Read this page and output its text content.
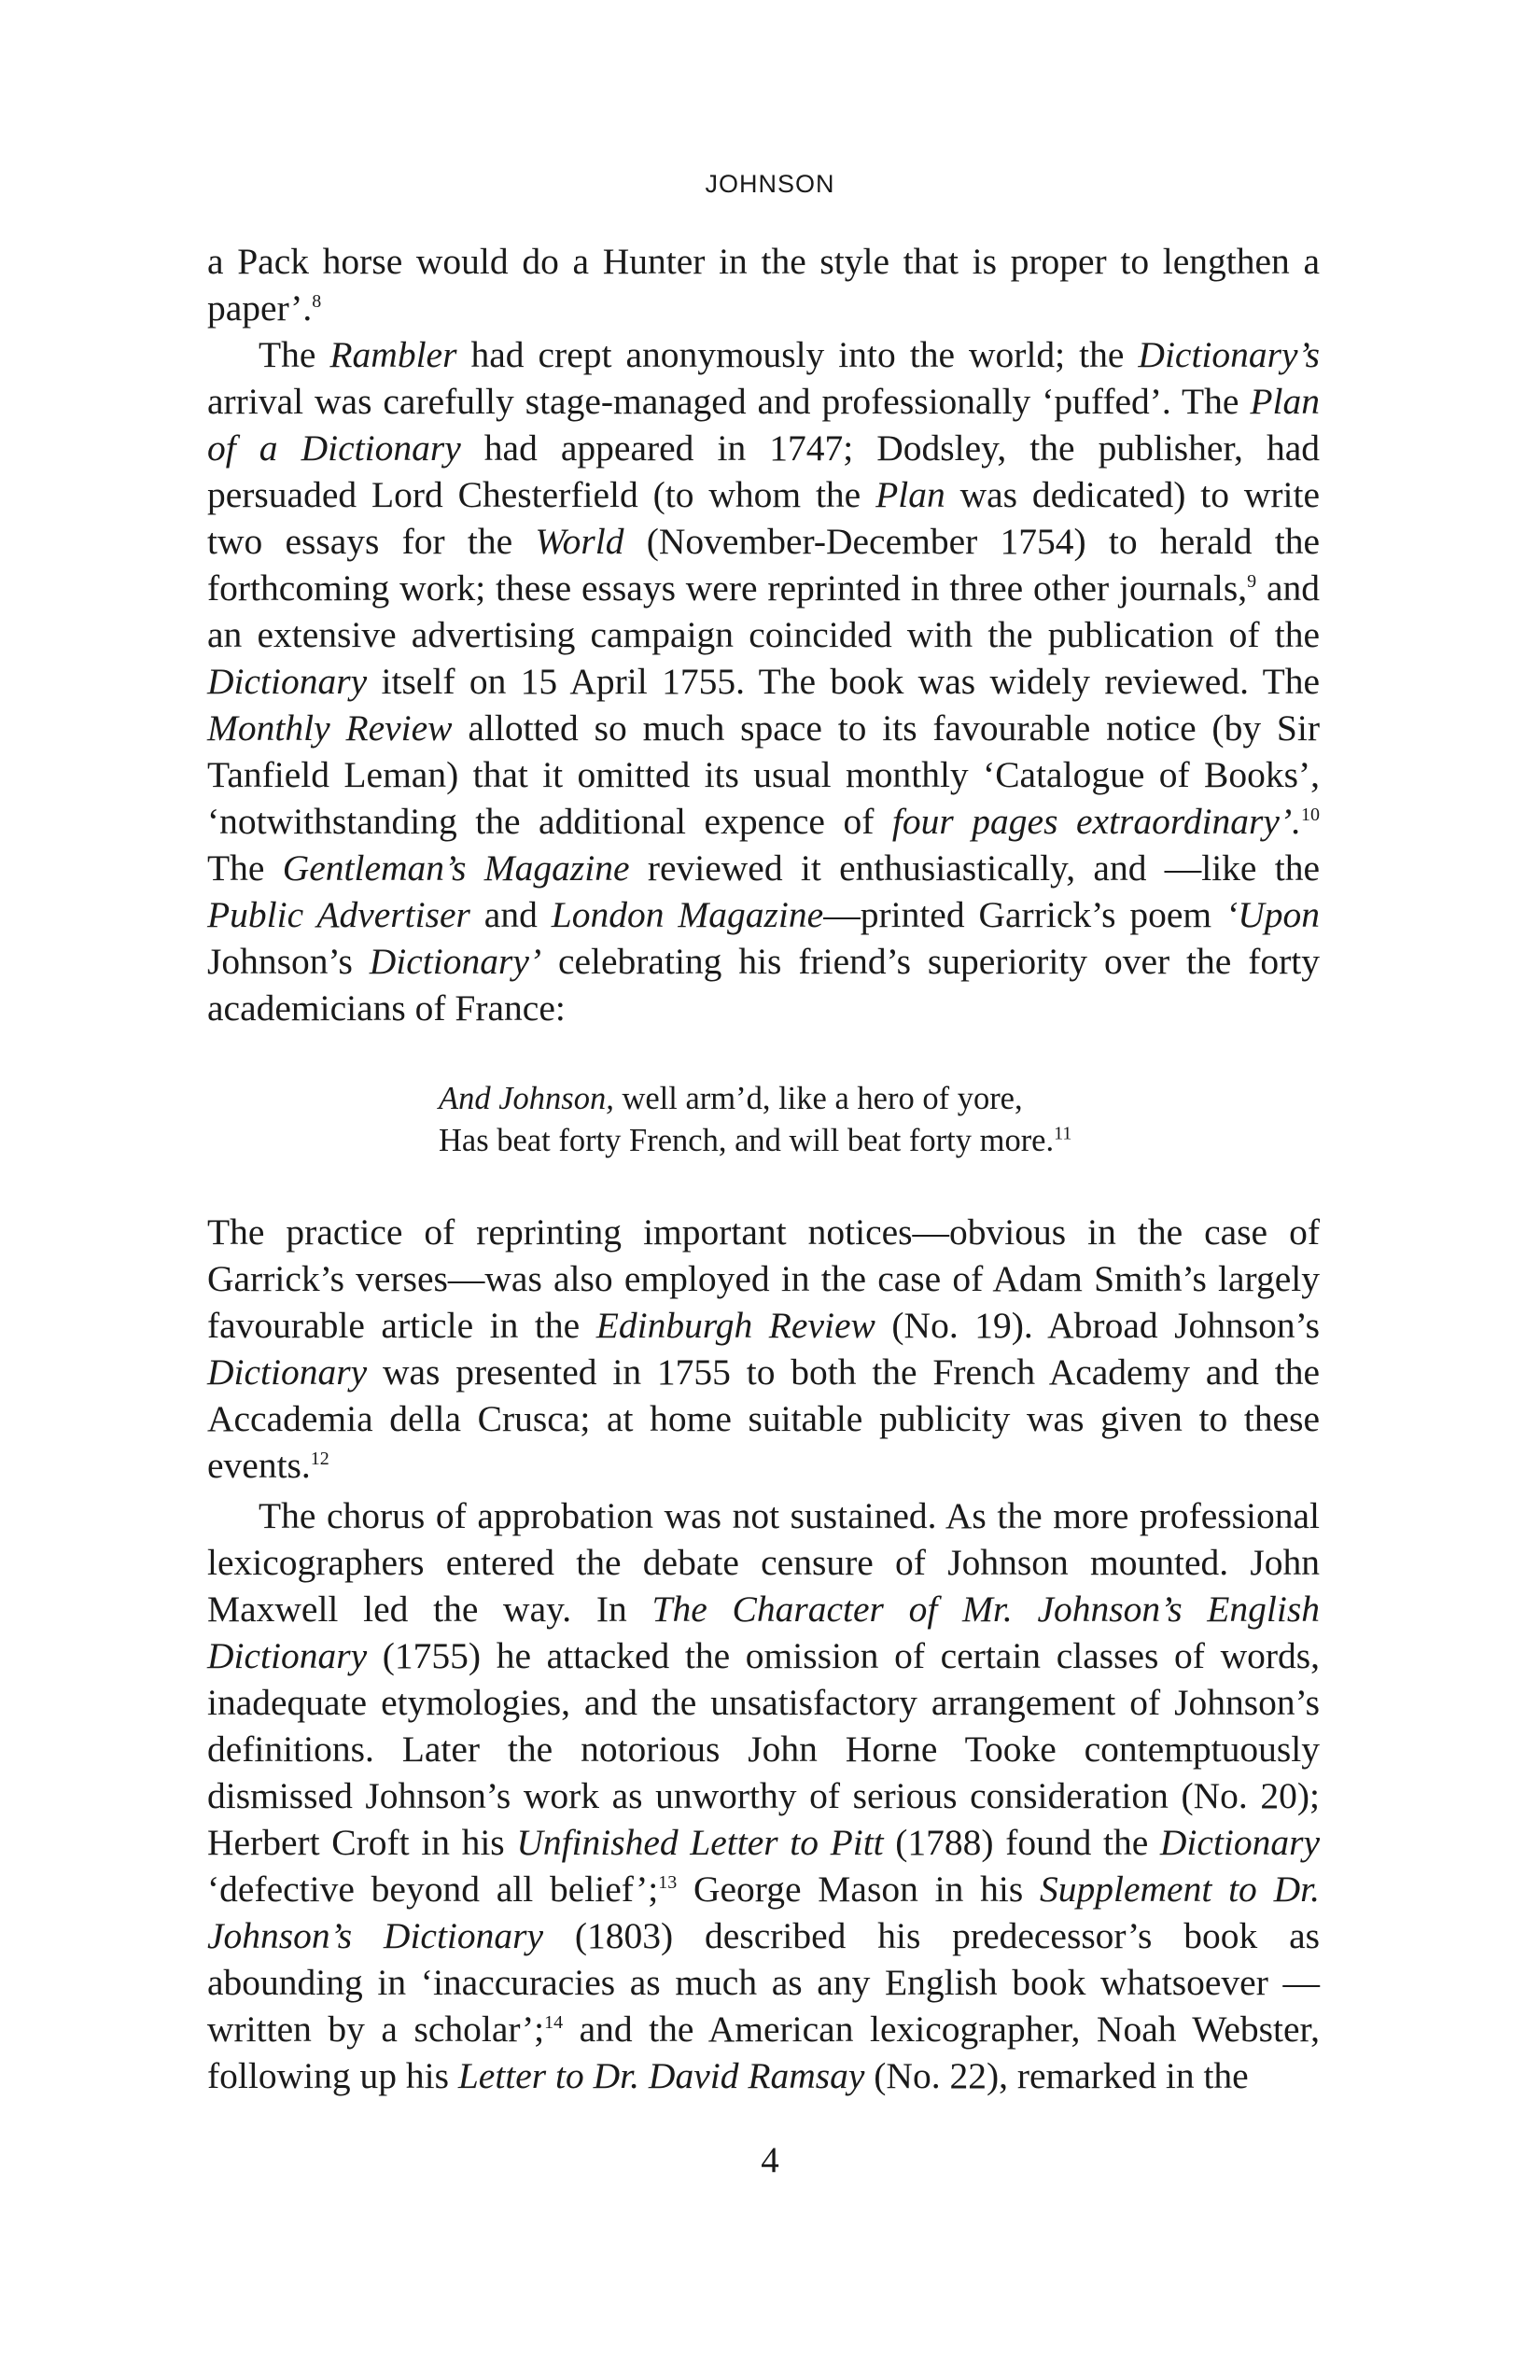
JOHNSON

a Pack horse would do a Hunter in the style that is proper to lengthen a paper’.$^8$

The Rambler had crept anonymously into the world; the Dictionary’s arrival was carefully stage-managed and professionally ‘puffed’. The Plan of a Dictionary had appeared in 1747; Dodsley, the publisher, had persuaded Lord Chesterfield (to whom the Plan was dedicated) to write two essays for the World (November-December 1754) to herald the forthcoming work; these essays were reprinted in three other journals,$^9$ and an extensive advertising campaign coincided with the publication of the Dictionary itself on 15 April 1755. The book was widely reviewed. The Monthly Review allotted so much space to its favourable notice (by Sir Tanfield Leman) that it omitted its usual monthly ‘Catalogue of Books’, ‘notwithstanding the additional expence of four pages extraordinary’.$^{10}$ The Gentleman’s Magazine reviewed it enthusiastically, and —like the Public Advertiser and London Magazine—printed Garrick’s poem ‘Upon Johnson’s Dictionary’ celebrating his friend’s superiority over the forty academicians of France:

And Johnson, well arm’d, like a hero of yore,
Has beat forty French, and will beat forty more.$^{11}$

The practice of reprinting important notices—obvious in the case of Garrick’s verses—was also employed in the case of Adam Smith’s largely favourable article in the Edinburgh Review (No. 19). Abroad Johnson’s Dictionary was presented in 1755 to both the French Academy and the Accademia della Crusca; at home suitable publicity was given to these events.$^{12}$

The chorus of approbation was not sustained. As the more professional lexicographers entered the debate censure of Johnson mounted. John Maxwell led the way. In The Character of Mr. Johnson’s English Dictionary (1755) he attacked the omission of certain classes of words, inadequate etymologies, and the unsatisfactory arrangement of Johnson’s definitions. Later the notorious John Horne Tooke contemptuously dismissed Johnson’s work as unworthy of serious consideration (No. 20); Herbert Croft in his Unfinished Letter to Pitt (1788) found the Dictionary ‘defective beyond all belief’;$^{13}$ George Mason in his Supplement to Dr. Johnson’s Dictionary (1803) described his predecessor’s book as abounding in ‘inaccuracies as much as any English book whatsoever — written by a scholar’;$^{14}$ and the American lexicographer, Noah Webster, following up his Letter to Dr. David Ramsay (No. 22), remarked in the

4
